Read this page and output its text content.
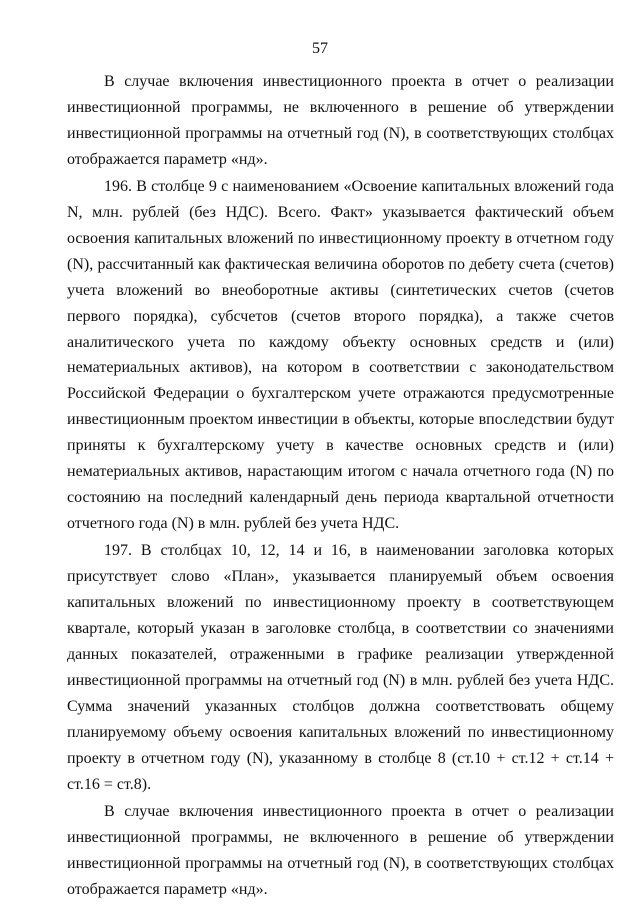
57

В случае включения инвестиционного проекта в отчет о реализации инвестиционной программы, не включенного в решение об утверждении инвестиционной программы на отчетный год (N), в соответствующих столбцах отображается параметр «нд».

196. В столбце 9 с наименованием «Освоение капитальных вложений года N, млн. рублей (без НДС). Всего. Факт» указывается фактический объем освоения капитальных вложений по инвестиционному проекту в отчетном году (N), рассчитанный как фактическая величина оборотов по дебету счета (счетов) учета вложений во внеоборотные активы (синтетических счетов (счетов первого порядка), субсчетов (счетов второго порядка), а также счетов аналитического учета по каждому объекту основных средств и (или) нематериальных активов), на котором в соответствии с законодательством Российской Федерации о бухгалтерском учете отражаются предусмотренные инвестиционным проектом инвестиции в объекты, которые впоследствии будут приняты к бухгалтерскому учету в качестве основных средств и (или) нематериальных активов, нарастающим итогом с начала отчетного года (N) по состоянию на последний календарный день периода квартальной отчетности отчетного года (N) в млн. рублей без учета НДС.

197. В столбцах 10, 12, 14 и 16, в наименовании заголовка которых присутствует слово «План», указывается планируемый объем освоения капитальных вложений по инвестиционному проекту в соответствующем квартале, который указан в заголовке столбца, в соответствии со значениями данных показателей, отраженными в графике реализации утвержденной инвестиционной программы на отчетный год (N) в млн. рублей без учета НДС. Сумма значений указанных столбцов должна соответствовать общему планируемому объему освоения капитальных вложений по инвестиционному проекту в отчетном году (N), указанному в столбце 8 (ст.10 + ст.12 + ст.14 + ст.16 = ст.8).

В случае включения инвестиционного проекта в отчет о реализации инвестиционной программы, не включенного в решение об утверждении инвестиционной программы на отчетный год (N), в соответствующих столбцах отображается параметр «нд».
